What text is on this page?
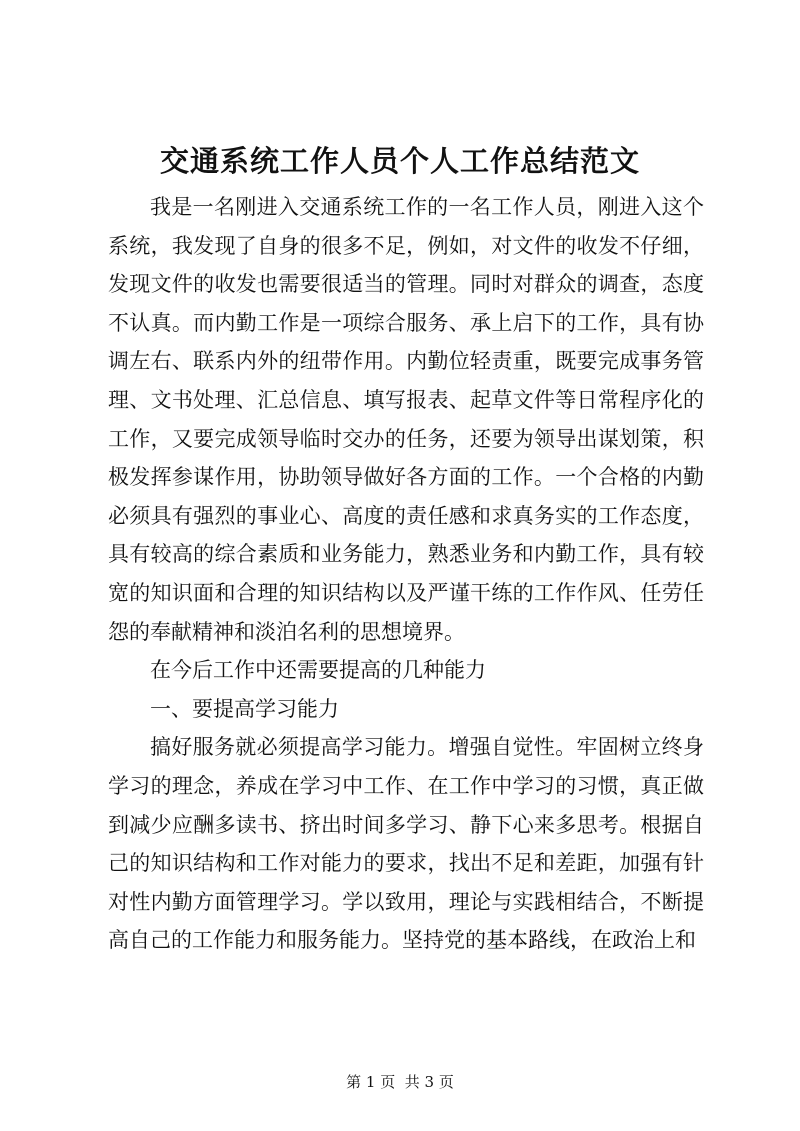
交通系统工作人员个人工作总结范文

我是一名刚进入交通系统工作的一名工作人员，刚进入这个系统，我发现了自身的很多不足，例如，对文件的收发不仔细，发现文件的收发也需要很适当的管理。同时对群众的调查，态度不认真。而内勤工作是一项综合服务、承上启下的工作，具有协调左右、联系内外的纽带作用。内勤位轻责重，既要完成事务管理、文书处理、汇总信息、填写报表、起草文件等日常程序化的工作，又要完成领导临时交办的任务，还要为领导出谋划策，积极发挥参谋作用，协助领导做好各方面的工作。一个合格的内勤必须具有强烈的事业心、高度的责任感和求真务实的工作态度，具有较高的综合素质和业务能力，熟悉业务和内勤工作，具有较宽的知识面和合理的知识结构以及严谨干练的工作作风、任劳任怨的奉献精神和淡泊名利的思想境界。

在今后工作中还需要提高的几种能力

一、要提高学习能力

搞好服务就必须提高学习能力。增强自觉性。牢固树立终身学习的理念，养成在学习中工作、在工作中学习的习惯，真正做到减少应酬多读书、挤出时间多学习、静下心来多思考。根据自己的知识结构和工作对能力的要求，找出不足和差距，加强有针对性内勤方面管理学习。学以致用，理论与实践相结合，不断提高自己的工作能力和服务能力。坚持党的基本路线，在政治上和

第 1 页  共 3 页
